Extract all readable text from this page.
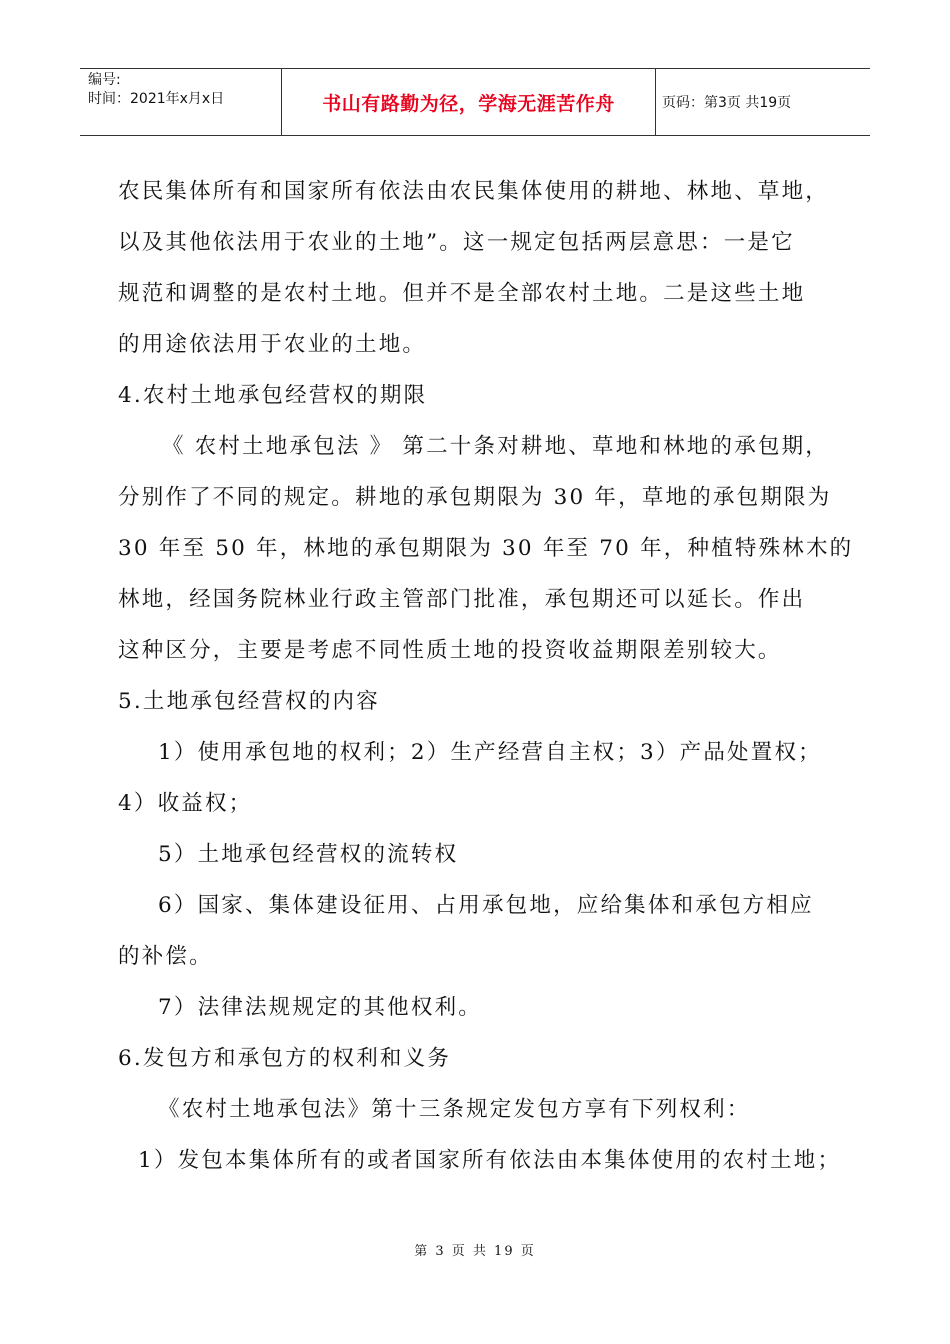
编号:
时间：2021年x月x日	书山有路勤为径，学海无涯苦作舟	页码：第3页 共19页
农民集体所有和国家所有依法由农民集体使用的耕地、林地、草地，
以及其他依法用于农业的土地”。这一规定包括两层意思：一是它
规范和调整的是农村土地。但并不是全部农村土地。二是这些土地
的用途依法用于农业的土地。
4.农村土地承包经营权的期限
《 农村土地承包法 》 第二十条对耕地、草地和林地的承包期，
分别作了不同的规定。耕地的承包期限为 30 年，草地的承包期限为
30 年至 50 年，林地的承包期限为 30 年至 70 年，种植特殊林木的
林地，经国务院林业行政主管部门批准，承包期还可以延长。作出
这种区分，主要是考虑不同性质土地的投资收益期限差别较大。
5.土地承包经营权的内容
1）使用承包地的权利；2）生产经营自主权；3）产品处置权；
4）收益权；
5）土地承包经营权的流转权
6）国家、集体建设征用、占用承包地，应给集体和承包方相应
的补偿。
7）法律法规规定的其他权利。
6.发包方和承包方的权利和义务
《农村土地承包法》第十三条规定发包方享有下列权利：
1）发包本集体所有的或者国家所有依法由本集体使用的农村土地；
第 3 页 共 19 页
